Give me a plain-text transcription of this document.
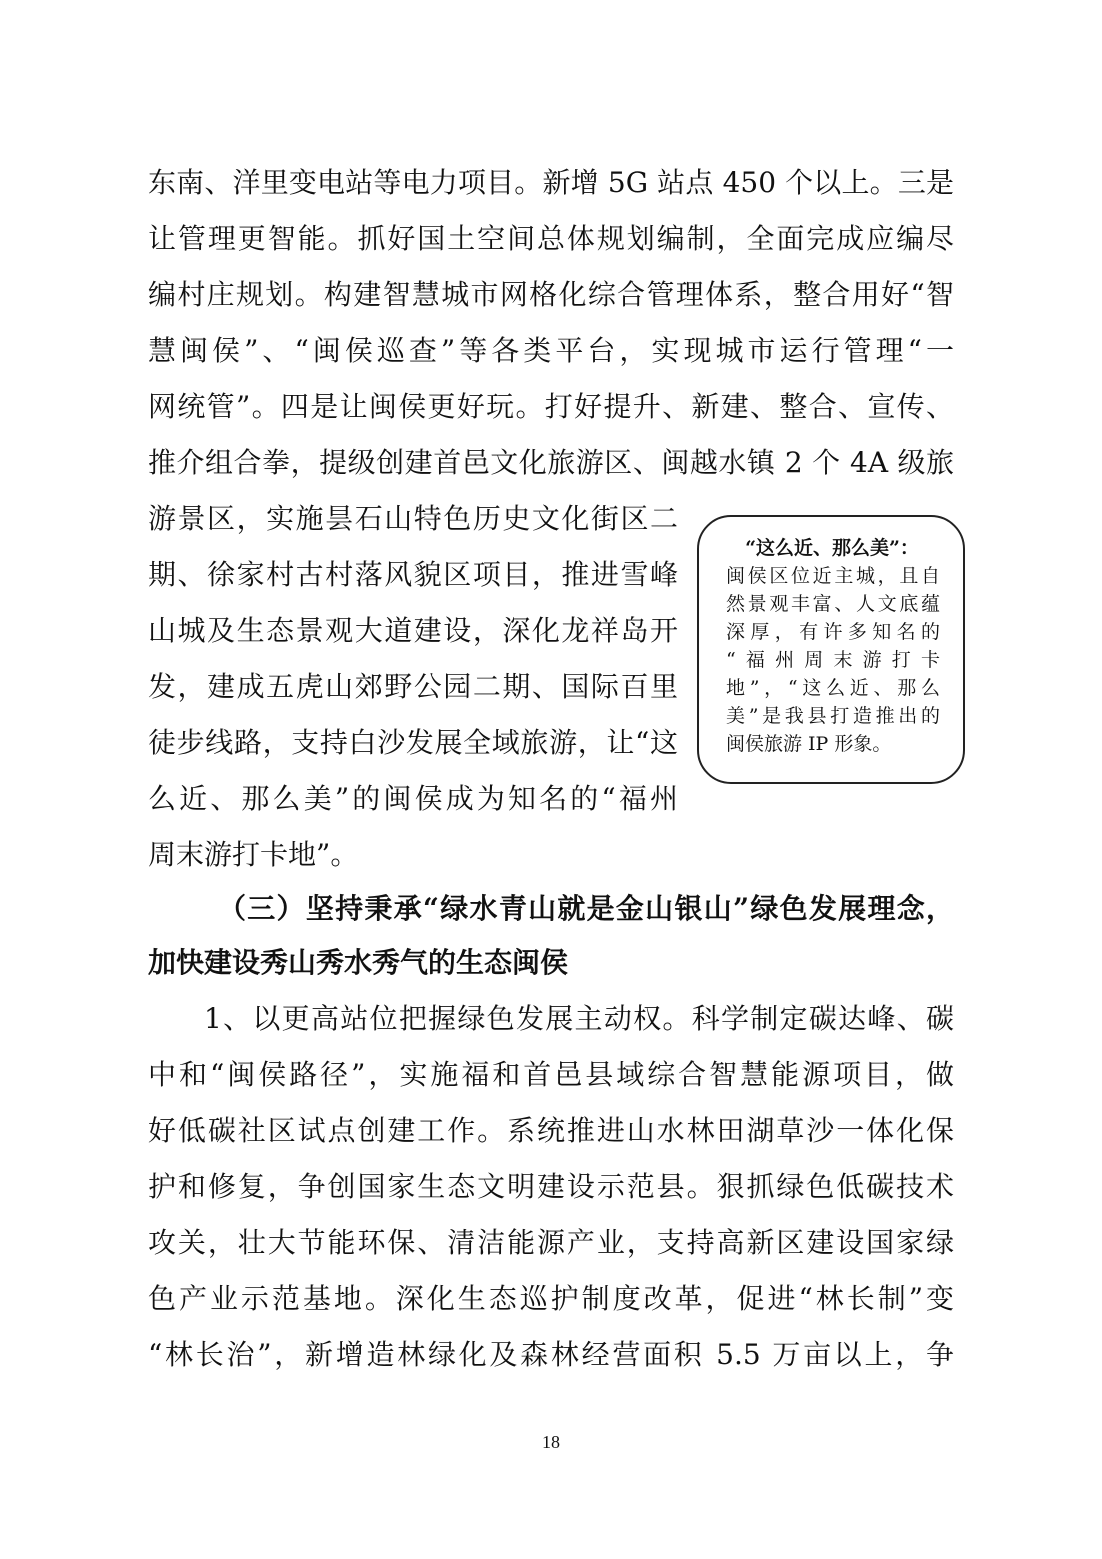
东南、洋里变电站等电力项目。新增 5G 站点 450 个以上。三是
让管理更智能。抓好国土空间总体规划编制，全面完成应编尽
编村庄规划。构建智慧城市网格化综合管理体系，整合用好“智
慧闽侯”、“闽侯巡查”等各类平台，实现城市运行管理“一
网统管”。四是让闽侯更好玩。打好提升、新建、整合、宣传、
推介组合拳，提级创建首邑文化旅游区、闽越水镇 2 个 4A 级旅
游景区，实施昙石山特色历史文化街区二
期、徐家村古村落风貌区项目，推进雪峰
山城及生态景观大道建设，深化龙祥岛开
发，建成五虎山郊野公园二期、国际百里
徒步线路，支持白沙发展全域旅游，让“这
么近、那么美”的闽侯成为知名的“福州
周末游打卡地”。
“这么近、那么美”：
闽侯区位近主城，且自
然景观丰富、人文底蕴
深厚，有许多知名的
“福州周末游打卡
地”，“这么近、那么
美”是我县打造推出的
闽侯旅游 IP 形象。
（三）坚持秉承“绿水青山就是金山银山”绿色发展理念，
加快建设秀山秀水秀气的生态闽侯
1、以更高站位把握绿色发展主动权。科学制定碳达峰、碳
中和“闽侯路径”，实施福和首邑县域综合智慧能源项目，做
好低碳社区试点创建工作。系统推进山水林田湖草沙一体化保
护和修复，争创国家生态文明建设示范县。狠抓绿色低碳技术
攻关，壮大节能环保、清洁能源产业，支持高新区建设国家绿
色产业示范基地。深化生态巡护制度改革，促进“林长制”变
“林长治”，新增造林绿化及森林经营面积 5.5 万亩以上，争
18
